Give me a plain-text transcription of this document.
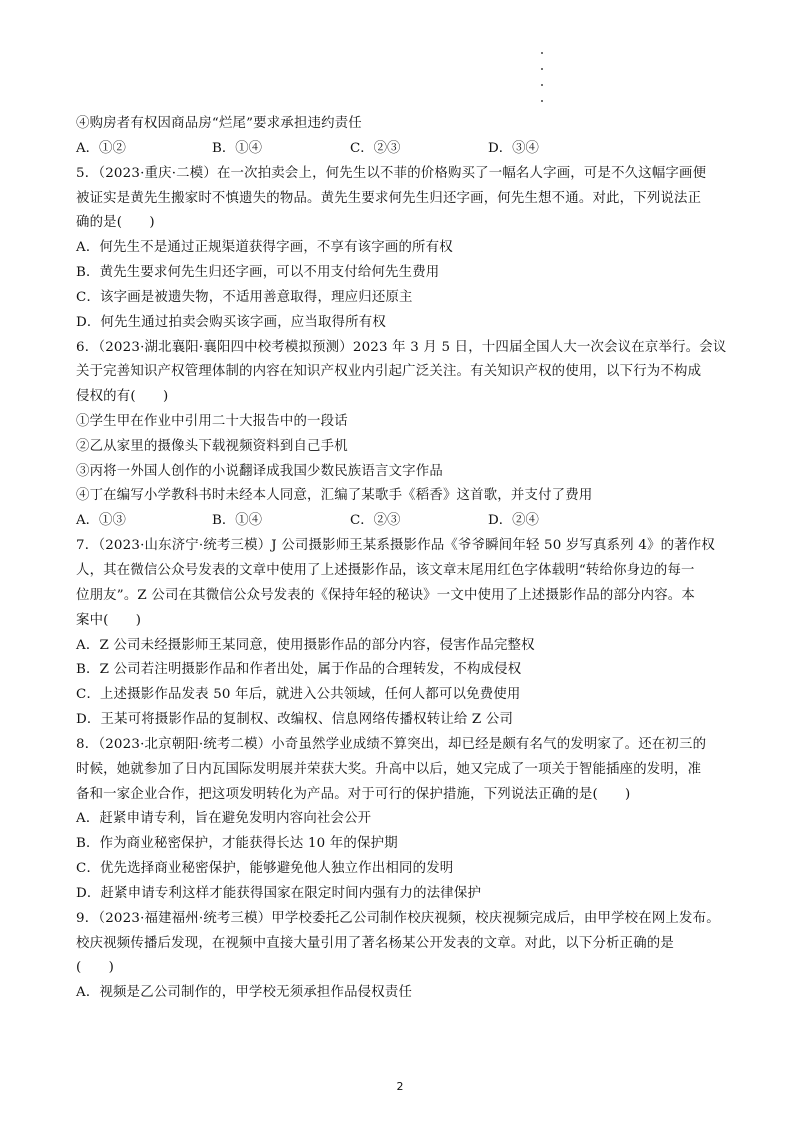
④购房者有权因商品房“烂尾”要求承担违约责任
A．①②	B．①④	C．②③	D．③④
5．（2023·重庆·二模）在一次拍卖会上，何先生以不菲的价格购买了一幅名人字画，可是不久这幅字画便
被证实是黄先生搬家时不慎遗失的物品。黄先生要求何先生归还字画，何先生想不通。对此，下列说法正
确的是(　　)
A．何先生不是通过正规渠道获得字画，不享有该字画的所有权
B．黄先生要求何先生归还字画，可以不用支付给何先生费用
C．该字画是被遗失物，不适用善意取得，理应归还原主
D．何先生通过拍卖会购买该字画，应当取得所有权
6．（2023·湖北襄阳·襄阳四中校考模拟预测）2023 年 3 月 5 日，十四届全国人大一次会议在京举行。会议
关于完善知识产权管理体制的内容在知识产权业内引起广泛关注。有关知识产权的使用，以下行为不构成
侵权的有(　　)
①学生甲在作业中引用二十大报告中的一段话
②乙从家里的摄像头下载视频资料到自己手机
③丙将一外国人创作的小说翻译成我国少数民族语言文字作品
④丁在编写小学教科书时未经本人同意，汇编了某歌手《稻香》这首歌，并支付了费用
A．①③	B．①④	C．②③	D．②④
7．（2023·山东济宁·统考三模）J 公司摄影师王某系摄影作品《爷爷瞬间年轻 50 岁写真系列 4》的著作权
人，其在微信公众号发表的文章中使用了上述摄影作品，该文章末尾用红色字体载明“转给你身边的每一
位朋友”。Z 公司在其微信公众号发表的《保持年轻的秘诀》一文中使用了上述摄影作品的部分内容。本
案中(　　)
A．Z 公司未经摄影师王某同意，使用摄影作品的部分内容，侵害作品完整权
B．Z 公司若注明摄影作品和作者出处，属于作品的合理转发，不构成侵权
C．上述摄影作品发表 50 年后，就进入公共领域，任何人都可以免费使用
D．王某可将摄影作品的复制权、改编权、信息网络传播权转让给 Z 公司
8．（2023·北京朝阳·统考二模）小奇虽然学业成绩不算突出，却已经是颇有名气的发明家了。还在初三的
时候，她就参加了日内瓦国际发明展并荣获大奖。升高中以后，她又完成了一项关于智能插座的发明，准
备和一家企业合作，把这项发明转化为产品。对于可行的保护措施，下列说法正确的是(　　)
A．赶紧申请专利，旨在避免发明内容向社会公开
B．作为商业秘密保护，才能获得长达 10 年的保护期
C．优先选择商业秘密保护，能够避免他人独立作出相同的发明
D．赶紧申请专利这样才能获得国家在限定时间内强有力的法律保护
9．（2023·福建福州·统考三模）甲学校委托乙公司制作校庆视频，校庆视频完成后，由甲学校在网上发布。
校庆视频传播后发现，在视频中直接大量引用了著名杨某公开发表的文章。对此，以下分析正确的是
(　　)
A．视频是乙公司制作的，甲学校无须承担作品侵权责任
2
